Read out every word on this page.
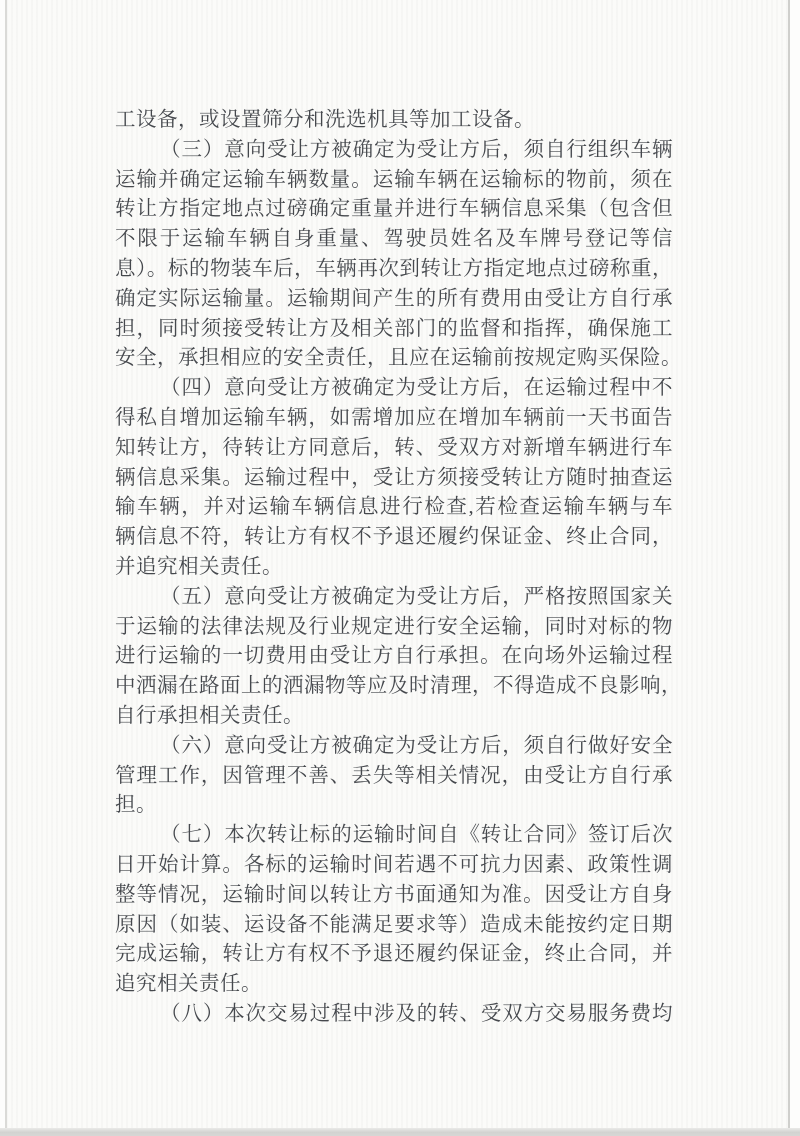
工设备，或设置筛分和洗选机具等加工设备。
（三）意向受让方被确定为受让方后，须自行组织车辆
运输并确定运输车辆数量。运输车辆在运输标的物前，须在
转让方指定地点过磅确定重量并进行车辆信息采集（包含但
不限于运输车辆自身重量、驾驶员姓名及车牌号登记等信
息）。标的物装车后，车辆再次到转让方指定地点过磅称重，
确定实际运输量。运输期间产生的所有费用由受让方自行承
担，同时须接受转让方及相关部门的监督和指挥，确保施工
安全，承担相应的安全责任，且应在运输前按规定购买保险。
（四）意向受让方被确定为受让方后，在运输过程中不
得私自增加运输车辆，如需增加应在增加车辆前一天书面告
知转让方，待转让方同意后，转、受双方对新增车辆进行车
辆信息采集。运输过程中，受让方须接受转让方随时抽查运
输车辆，并对运输车辆信息进行检查,若检查运输车辆与车
辆信息不符，转让方有权不予退还履约保证金、终止合同，
并追究相关责任。
（五）意向受让方被确定为受让方后，严格按照国家关
于运输的法律法规及行业规定进行安全运输，同时对标的物
进行运输的一切费用由受让方自行承担。在向场外运输过程
中洒漏在路面上的洒漏物等应及时清理，不得造成不良影响，
自行承担相关责任。
（六）意向受让方被确定为受让方后，须自行做好安全
管理工作，因管理不善、丢失等相关情况，由受让方自行承
担。
（七）本次转让标的运输时间自《转让合同》签订后次
日开始计算。各标的运输时间若遇不可抗力因素、政策性调
整等情况，运输时间以转让方书面通知为准。因受让方自身
原因（如装、运设备不能满足要求等）造成未能按约定日期
完成运输，转让方有权不予退还履约保证金，终止合同，并
追究相关责任。
（八）本次交易过程中涉及的转、受双方交易服务费均
